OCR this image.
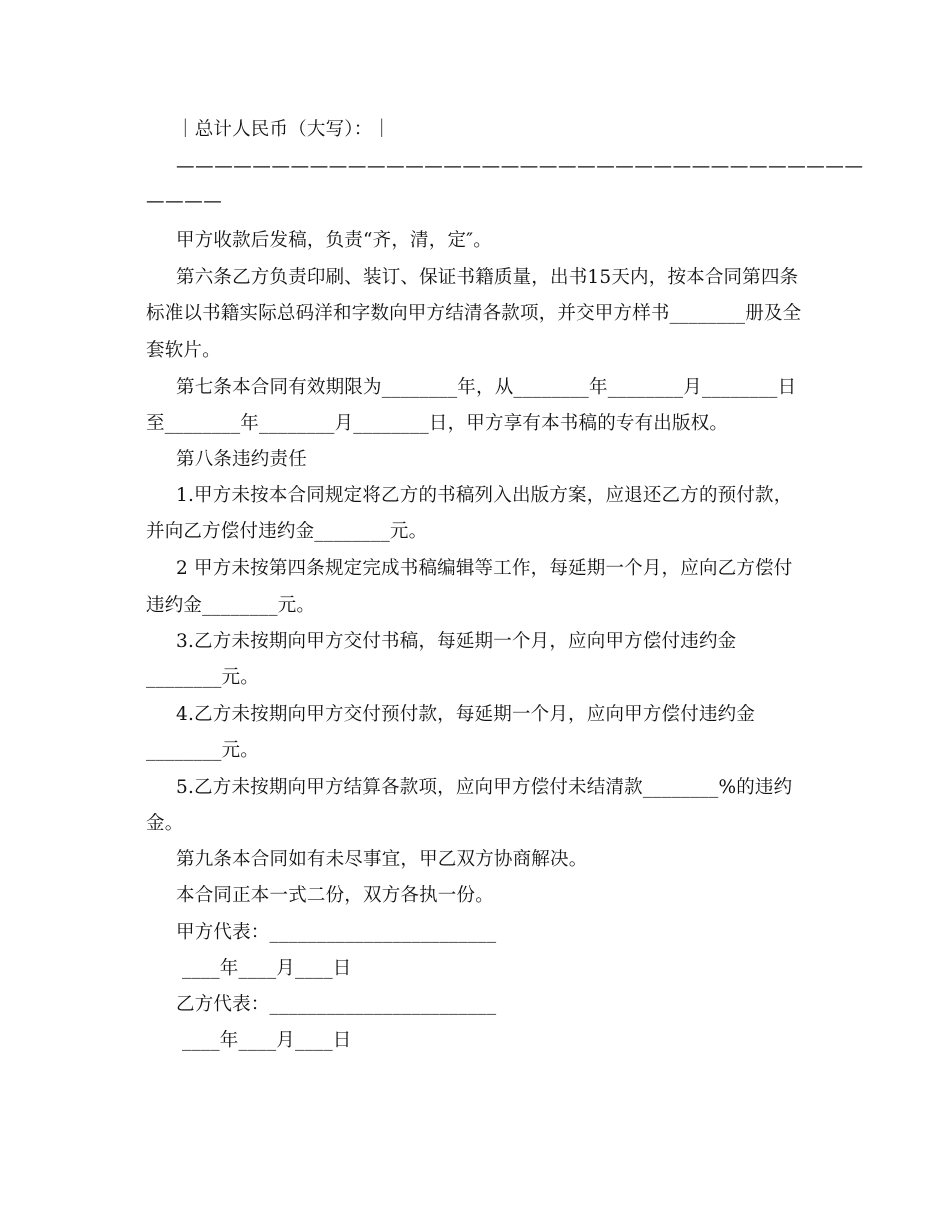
｜总计人民币（大写）：｜

————————————————————————————————————

————

甲方收款后发稿，负责“齐，清，定″。

第六条乙方负责印刷、装订、保证书籍质量，出书15天内，按本合同第四条

标准以书籍实际总码洋和字数向甲方结清各款项，并交甲方样书________册及全

套软片。

第七条本合同有效期限为________年，从________年________月________日

至________年________月________日，甲方享有本书稿的专有出版权。

第八条违约责任

1.甲方未按本合同规定将乙方的书稿列入出版方案，应退还乙方的预付款，

并向乙方偿付违约金________元。

2 甲方未按第四条规定完成书稿编辑等工作，每延期一个月，应向乙方偿付

违约金________元。

3.乙方未按期向甲方交付书稿，每延期一个月，应向甲方偿付违约金

________元。

4.乙方未按期向甲方交付预付款，每延期一个月，应向甲方偿付违约金

________元。

5.乙方未按期向甲方结算各款项，应向甲方偿付未结清款________%的违约

金。

第九条本合同如有未尽事宜，甲乙双方协商解决。

本合同正本一式二份，双方各执一份。

甲方代表：________________________

____年____月____日

乙方代表：________________________

____年____月____日
